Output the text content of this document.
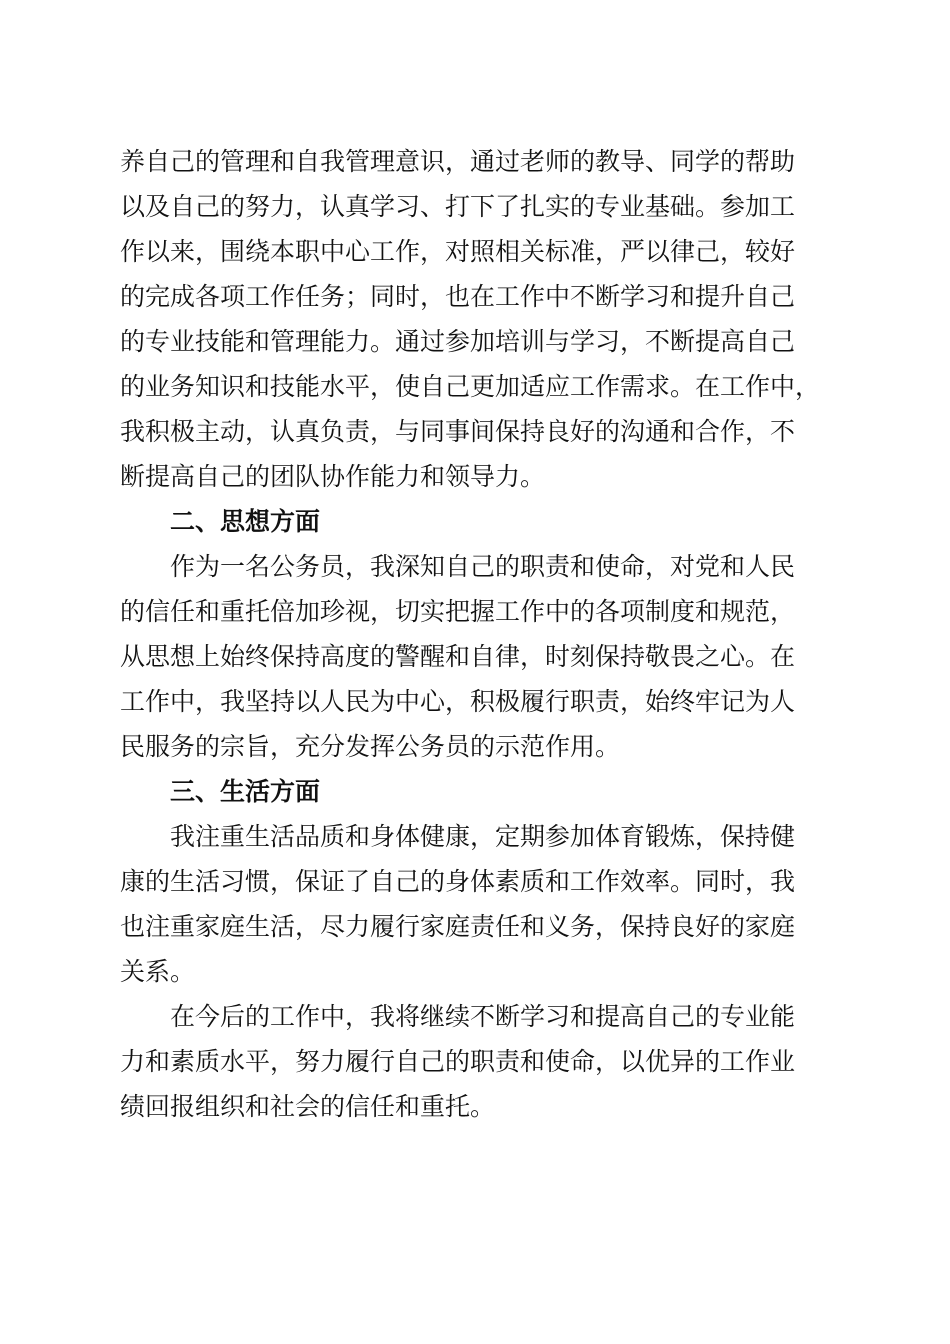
养自己的管理和自我管理意识，通过老师的教导、同学的帮助

以及自己的努力，认真学习、打下了扎实的专业基础。参加工

作以来，围绕本职中心工作，对照相关标准，严以律己，较好

的完成各项工作任务；同时，也在工作中不断学习和提升自己

的专业技能和管理能力。通过参加培训与学习，不断提高自己

的业务知识和技能水平，使自己更加适应工作需求。在工作中，

我积极主动，认真负责，与同事间保持良好的沟通和合作，不

断提高自己的团队协作能力和领导力。

二、思想方面

作为一名公务员，我深知自己的职责和使命，对党和人民

的信任和重托倍加珍视，切实把握工作中的各项制度和规范，

从思想上始终保持高度的警醒和自律，时刻保持敬畏之心。在

工作中，我坚持以人民为中心，积极履行职责，始终牢记为人

民服务的宗旨，充分发挥公务员的示范作用。

三、生活方面

我注重生活品质和身体健康，定期参加体育锻炼，保持健

康的生活习惯，保证了自己的身体素质和工作效率。同时，我

也注重家庭生活，尽力履行家庭责任和义务，保持良好的家庭

关系。

在今后的工作中，我将继续不断学习和提高自己的专业能

力和素质水平，努力履行自己的职责和使命，以优异的工作业

绩回报组织和社会的信任和重托。
